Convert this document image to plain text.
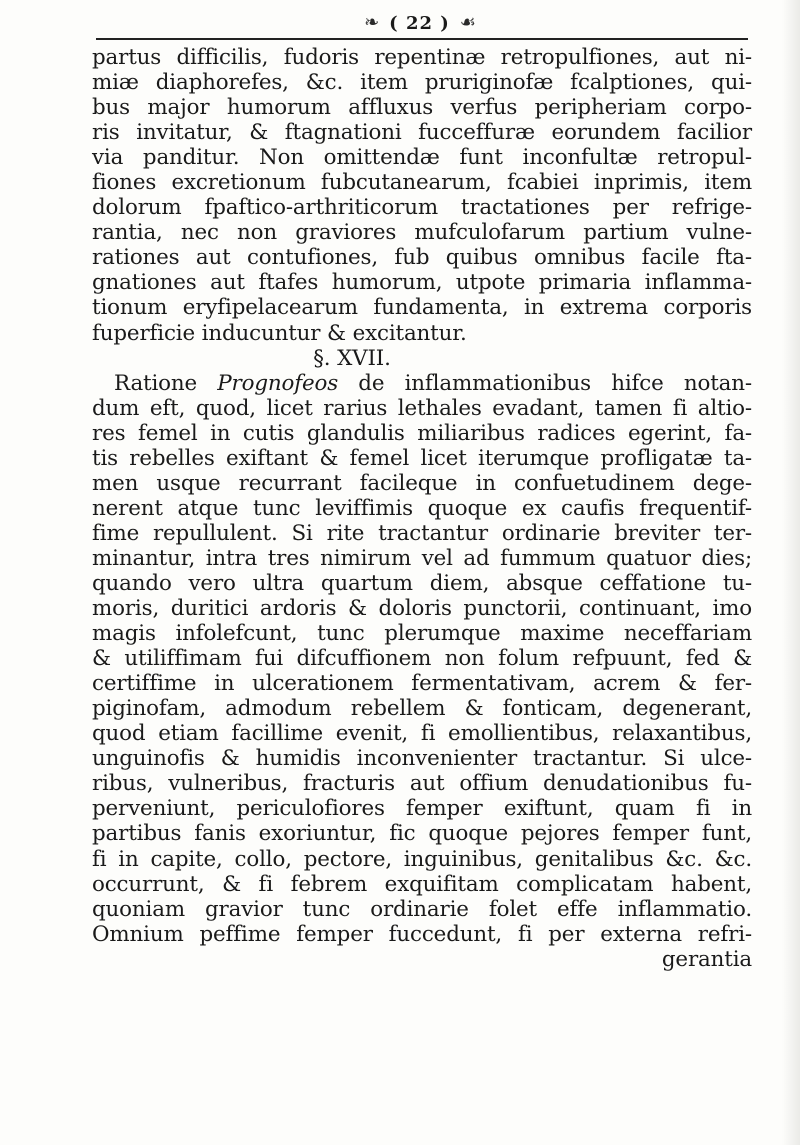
❧ ( 22 ) ☙
partus difficilis, fudoris repentinæ retropulfiones, aut ni-
miæ diaphorefes, &c. item pruriginofæ fcalptiones, qui-
bus major humorum affluxus verfus peripheriam corpo-
ris invitatur, & ftagnationi fucceffuræ eorundem facilior
via panditur. Non omittendæ funt inconfultæ retropul-
fiones excretionum fubcutanearum, fcabiei inprimis, item
dolorum fpaftico-arthriticorum tractationes per refrige-
rantia, nec non graviores mufculofarum partium vulne-
rationes aut contufiones, fub quibus omnibus facile fta-
gnationes aut ftafes humorum, utpote primaria inflamma-
tionum eryfipelacearum fundamenta, in extrema corporis
fuperficie inducuntur & excitantur.
§. XVII.
Ratione Prognofeos de inflammationibus hifce notan-
dum eft, quod, licet rarius lethales evadant, tamen fi altio-
res femel in cutis glandulis miliaribus radices egerint, fa-
tis rebelles exiftant & femel licet iterumque profligatæ ta-
men usque recurrant facileque in confuetudinem dege-
nerent atque tunc leviffimis quoque ex caufis frequentif-
fime repullulent. Si rite tractantur ordinarie breviter ter-
minantur, intra tres nimirum vel ad fummum quatuor dies;
quando vero ultra quartum diem, absque ceffatione tu-
moris, duritici ardoris & doloris punctorii, continuant, imo
magis infolefcunt, tunc plerumque maxime neceffariam
& utiliffimam fui difcuffionem non folum refpuunt, fed &
certiffime in ulcerationem fermentativam, acrem & fer-
piginofam, admodum rebellem & fonticam, degenerant,
quod etiam facillime evenit, fi emollientibus, relaxantibus,
unguinofis & humidis inconvenienter tractantur. Si ulce-
ribus, vulneribus, fracturis aut offium denudationibus fu-
perveniunt, periculofiores femper exiftunt, quam fi in
partibus fanis exoriuntur, fic quoque pejores femper funt,
fi in capite, collo, pectore, inguinibus, genitalibus &c. &c.
occurrunt, & fi febrem exquifitam complicatam habent,
quoniam gravior tunc ordinarie folet effe inflammatio.
Omnium peffime femper fuccedunt, fi per externa refri-
gerantia
